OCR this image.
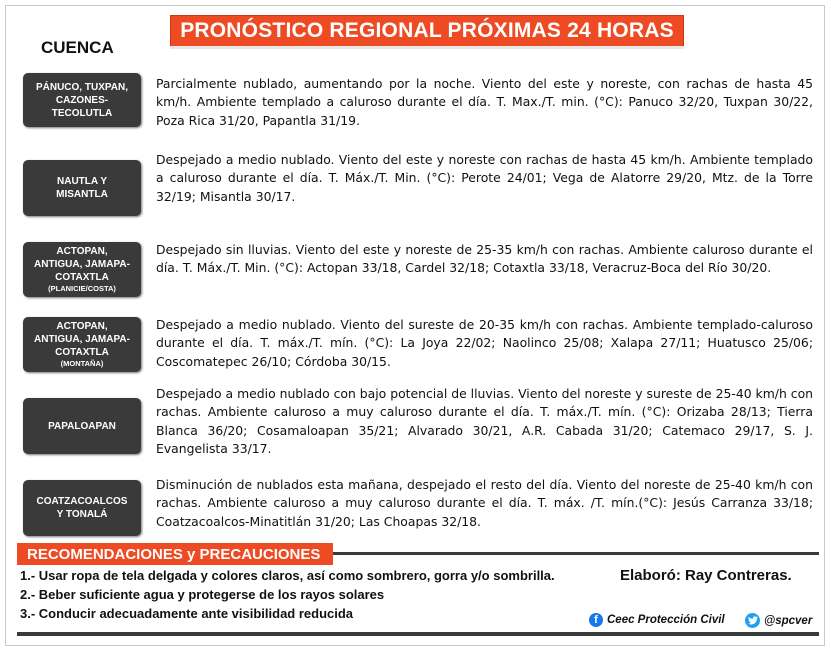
PRONÓSTICO REGIONAL PRÓXIMAS 24 HORAS
CUENCA
PÁNUCO, TUXPAN,
CAZONES-
TECOLUTLA
Parcialmente nublado, aumentando por la noche. Viento del este y noreste, con rachas de hasta 45 km/h. Ambiente templado a caluroso durante el día. T. Max./T. min. (°C): Panuco 32/20, Tuxpan 30/22, Poza Rica 31/20, Papantla 31/19.
NAUTLA Y
MISANTLA
Despejado a medio nublado. Viento del este y noreste con rachas de hasta 45 km/h. Ambiente templado a caluroso durante el día. T. Máx./T. Min. (°C): Perote 24/01; Vega de Alatorre 29/20, Mtz. de la Torre 32/19; Misantla 30/17.
ACTOPAN,
ANTIGUA, JAMAPA-
COTAXTLA
(PLANICIE/COSTA)
Despejado sin lluvias. Viento del este y noreste de 25-35 km/h con rachas. Ambiente caluroso durante el día. T. Máx./T. Min. (°C): Actopan 33/18, Cardel 32/18; Cotaxtla 33/18, Veracruz-Boca del Río 30/20.
ACTOPAN,
ANTIGUA, JAMAPA-
COTAXTLA
(MONTAÑA)
Despejado a medio nublado. Viento del sureste de 20-35 km/h con rachas. Ambiente templado-caluroso durante el día. T. máx./T. mín. (°C): La Joya 22/02; Naolinco 25/08; Xalapa 27/11; Huatusco 25/06; Coscomatepec 26/10; Córdoba 30/15.
PAPALOAPAN
Despejado a medio nublado con bajo potencial de lluvias. Viento del noreste y sureste de 25-40 km/h con rachas. Ambiente caluroso a muy caluroso durante el día. T. máx./T. mín. (°C): Orizaba 28/13; Tierra Blanca 36/20; Cosamaloapan 35/21; Alvarado 30/21, A.R. Cabada 31/20; Catemaco 29/17, S. J. Evangelista 33/17.
COATZACOALCOS
Y TONALÁ
Disminución de nublados esta mañana, despejado el resto del día. Viento del noreste de 25-40 km/h con rachas. Ambiente caluroso a muy caluroso durante el día. T. máx. /T. mín.(°C): Jesús Carranza 33/18; Coatzacoalcos-Minatitlán 31/20; Las Choapas 32/18.
RECOMENDACIONES y PRECAUCIONES
1.- Usar ropa de tela delgada y colores claros, así como sombrero, gorra y/o sombrilla.
2.- Beber suficiente agua y protegerse de los rayos solares
3.- Conducir adecuadamente ante visibilidad reducida
Elaboró: Ray Contreras.
f Ceec Protección Civil	@spcver
